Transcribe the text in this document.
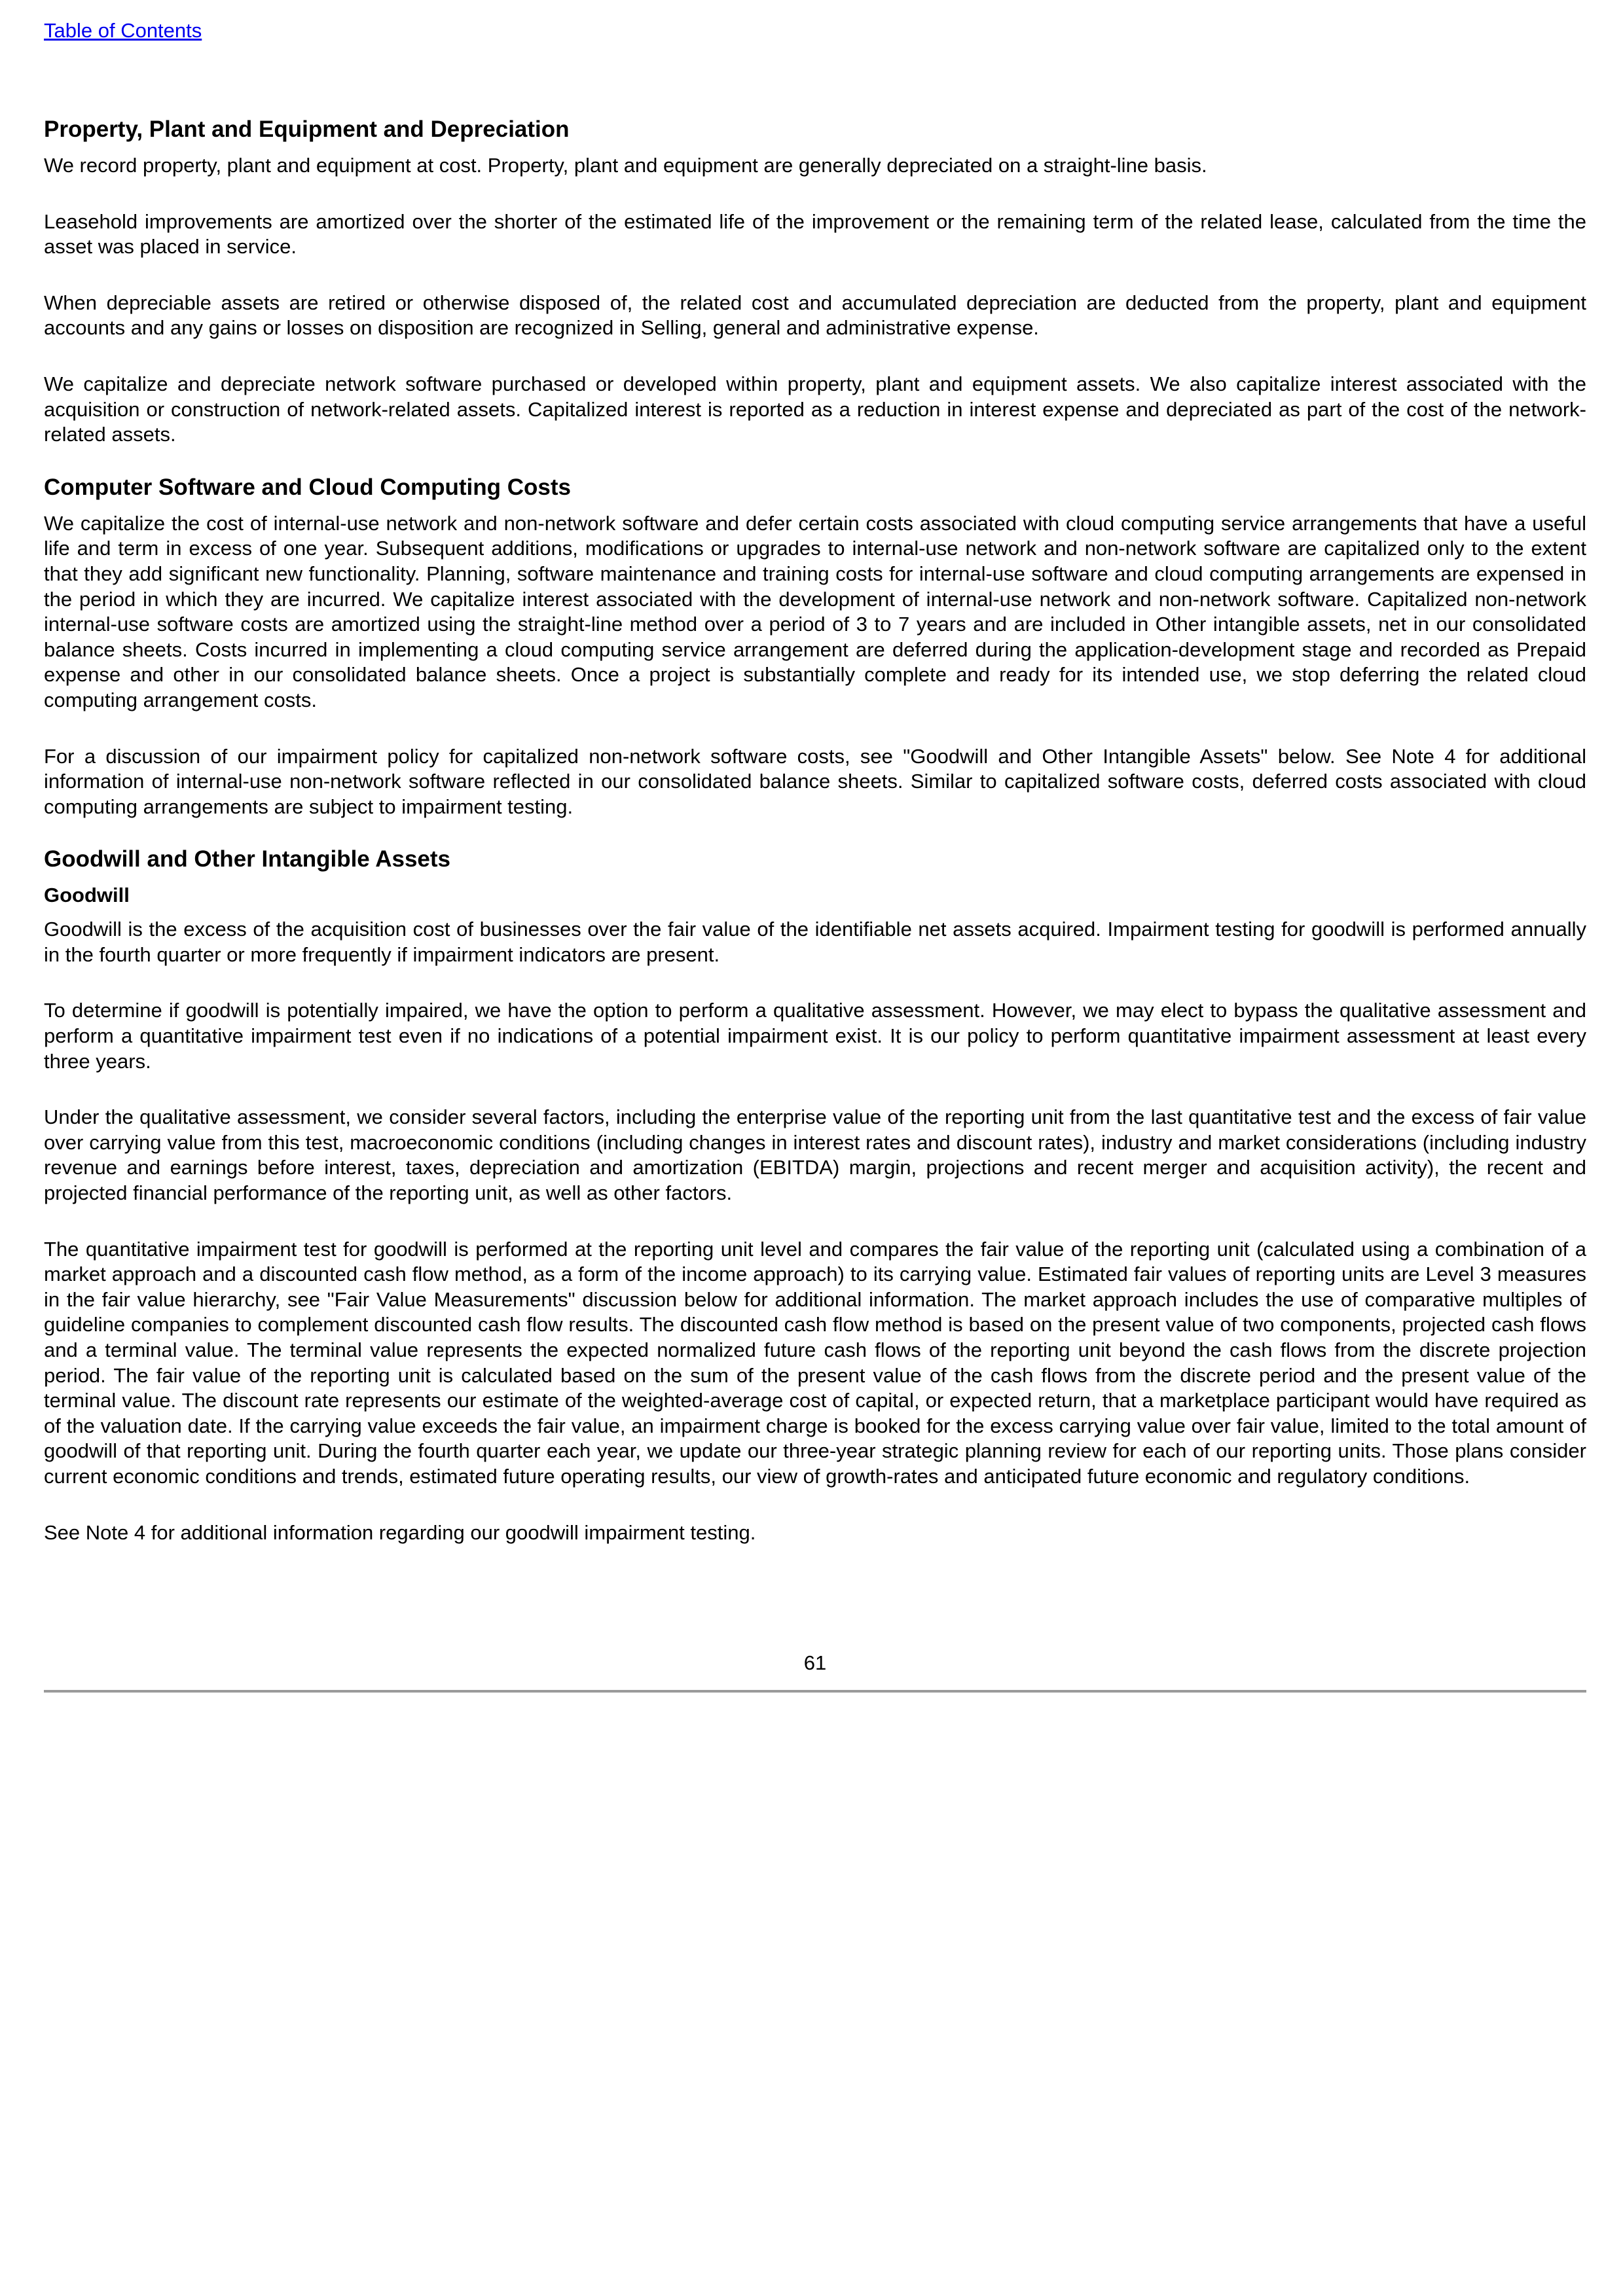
Table of Contents
Property, Plant and Equipment and Depreciation

We record property, plant and equipment at cost. Property, plant and equipment are generally depreciated on a straight-line basis.

Leasehold improvements are amortized over the shorter of the estimated life of the improvement or the remaining term of the related lease, calculated from the time the asset was placed in service.

When depreciable assets are retired or otherwise disposed of, the related cost and accumulated depreciation are deducted from the property, plant and equipment accounts and any gains or losses on disposition are recognized in Selling, general and administrative expense.

We capitalize and depreciate network software purchased or developed within property, plant and equipment assets. We also capitalize interest associated with the acquisition or construction of network-related assets. Capitalized interest is reported as a reduction in interest expense and depreciated as part of the cost of the network-related assets.

Computer Software and Cloud Computing Costs

We capitalize the cost of internal-use network and non-network software and defer certain costs associated with cloud computing service arrangements that have a useful life and term in excess of one year. Subsequent additions, modifications or upgrades to internal-use network and non-network software are capitalized only to the extent that they add significant new functionality. Planning, software maintenance and training costs for internal-use software and cloud computing arrangements are expensed in the period in which they are incurred. We capitalize interest associated with the development of internal-use network and non-network software. Capitalized non-network internal-use software costs are amortized using the straight-line method over a period of 3 to 7 years and are included in Other intangible assets, net in our consolidated balance sheets. Costs incurred in implementing a cloud computing service arrangement are deferred during the application-development stage and recorded as Prepaid expense and other in our consolidated balance sheets. Once a project is substantially complete and ready for its intended use, we stop deferring the related cloud computing arrangement costs.

For a discussion of our impairment policy for capitalized non-network software costs, see "Goodwill and Other Intangible Assets" below. See Note 4 for additional information of internal-use non-network software reflected in our consolidated balance sheets. Similar to capitalized software costs, deferred costs associated with cloud computing arrangements are subject to impairment testing.

Goodwill and Other Intangible Assets
Goodwill

Goodwill is the excess of the acquisition cost of businesses over the fair value of the identifiable net assets acquired. Impairment testing for goodwill is performed annually in the fourth quarter or more frequently if impairment indicators are present.

To determine if goodwill is potentially impaired, we have the option to perform a qualitative assessment. However, we may elect to bypass the qualitative assessment and perform a quantitative impairment test even if no indications of a potential impairment exist. It is our policy to perform quantitative impairment assessment at least every three years.

Under the qualitative assessment, we consider several factors, including the enterprise value of the reporting unit from the last quantitative test and the excess of fair value over carrying value from this test, macroeconomic conditions (including changes in interest rates and discount rates), industry and market considerations (including industry revenue and earnings before interest, taxes, depreciation and amortization (EBITDA) margin, projections and recent merger and acquisition activity), the recent and projected financial performance of the reporting unit, as well as other factors.

The quantitative impairment test for goodwill is performed at the reporting unit level and compares the fair value of the reporting unit (calculated using a combination of a market approach and a discounted cash flow method, as a form of the income approach) to its carrying value. Estimated fair values of reporting units are Level 3 measures in the fair value hierarchy, see "Fair Value Measurements" discussion below for additional information. The market approach includes the use of comparative multiples of guideline companies to complement discounted cash flow results. The discounted cash flow method is based on the present value of two components, projected cash flows and a terminal value. The terminal value represents the expected normalized future cash flows of the reporting unit beyond the cash flows from the discrete projection period. The fair value of the reporting unit is calculated based on the sum of the present value of the cash flows from the discrete period and the present value of the terminal value. The discount rate represents our estimate of the weighted-average cost of capital, or expected return, that a marketplace participant would have required as of the valuation date. If the carrying value exceeds the fair value, an impairment charge is booked for the excess carrying value over fair value, limited to the total amount of goodwill of that reporting unit. During the fourth quarter each year, we update our three-year strategic planning review for each of our reporting units. Those plans consider current economic conditions and trends, estimated future operating results, our view of growth-rates and anticipated future economic and regulatory conditions.

See Note 4 for additional information regarding our goodwill impairment testing.

61
